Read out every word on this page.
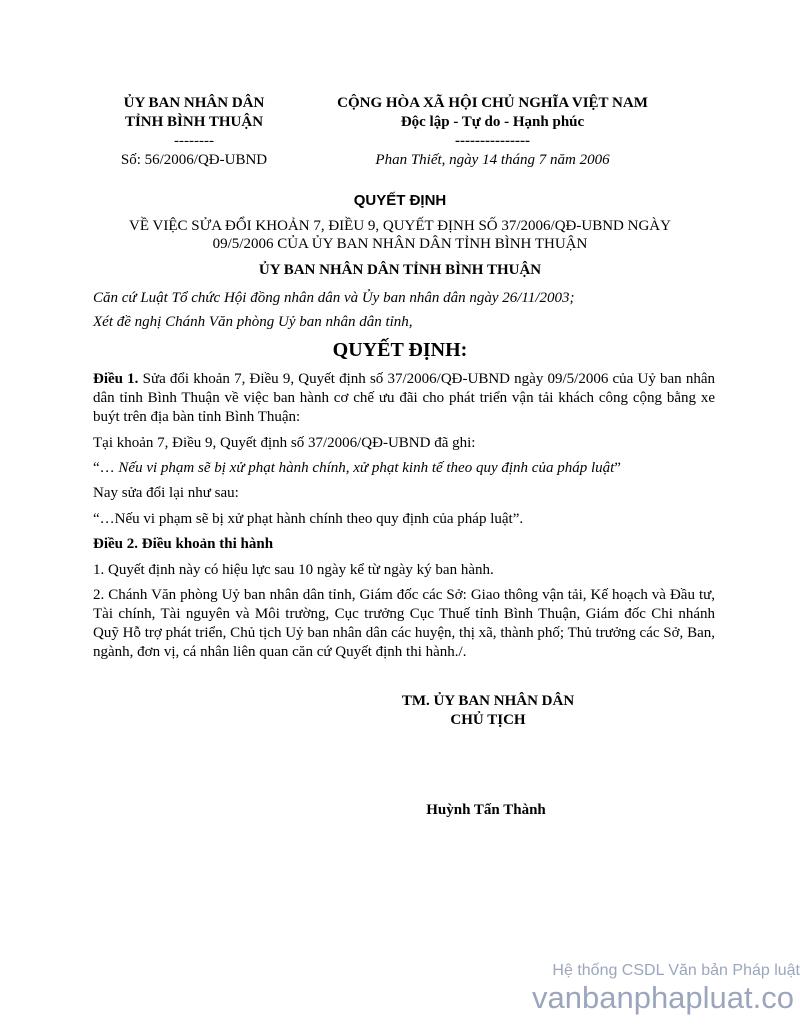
ỦY BAN NHÂN DÂN
TỈNH BÌNH THUẬN
--------
Số: 56/2006/QĐ-UBND
CỘNG HÒA XÃ HỘI CHỦ NGHĨA VIỆT NAM
Độc lập - Tự do - Hạnh phúc
---------------
Phan Thiết, ngày 14 tháng 7 năm 2006
QUYẾT ĐỊNH
VỀ VIỆC SỬA ĐỔI KHOẢN 7, ĐIỀU 9, QUYẾT ĐỊNH SỐ 37/2006/QĐ-UBND NGÀY
09/5/2006 CỦA ỦY BAN NHÂN DÂN TỈNH BÌNH THUẬN
ỦY BAN NHÂN DÂN TỈNH BÌNH THUẬN
Căn cứ Luật Tổ chức Hội đồng nhân dân và Ủy ban nhân dân ngày 26/11/2003;
Xét đề nghị Chánh Văn phòng Uỷ ban nhân dân tỉnh,
QUYẾT ĐỊNH:
Điều 1. Sửa đổi khoản 7, Điều 9, Quyết định số 37/2006/QĐ-UBND ngày 09/5/2006 của Uỷ ban nhân dân tỉnh Bình Thuận về việc ban hành cơ chế ưu đãi cho phát triển vận tải khách công cộng bằng xe buýt trên địa bàn tỉnh Bình Thuận:
Tại khoản 7, Điều 9, Quyết định số 37/2006/QĐ-UBND đã ghi:
“… Nếu vi phạm sẽ bị xử phạt hành chính, xử phạt kinh tế theo quy định của pháp luật”
Nay sửa đổi lại như sau:
“…Nếu vi phạm sẽ bị xử phạt hành chính theo quy định của pháp luật”.
Điều 2. Điều khoản thi hành
1. Quyết định này có hiệu lực sau 10 ngày kể từ ngày ký ban hành.
2. Chánh Văn phòng Uỷ ban nhân dân tỉnh, Giám đốc các Sở: Giao thông vận tải, Kế hoạch và Đầu tư, Tài chính, Tài nguyên và Môi trường, Cục trưởng Cục Thuế tỉnh Bình Thuận, Giám đốc Chi nhánh Quỹ Hỗ trợ phát triển, Chủ tịch Uỷ ban nhân dân các huyện, thị xã, thành phố; Thủ trưởng các Sở, Ban, ngành, đơn vị, cá nhân liên quan căn cứ Quyết định thi hành./.
TM. ỦY BAN NHÂN DÂN
CHỦ TỊCH
Huỳnh Tấn Thành
Hệ thống CSDL Văn bản Pháp luật
vanbanphapluat.co
